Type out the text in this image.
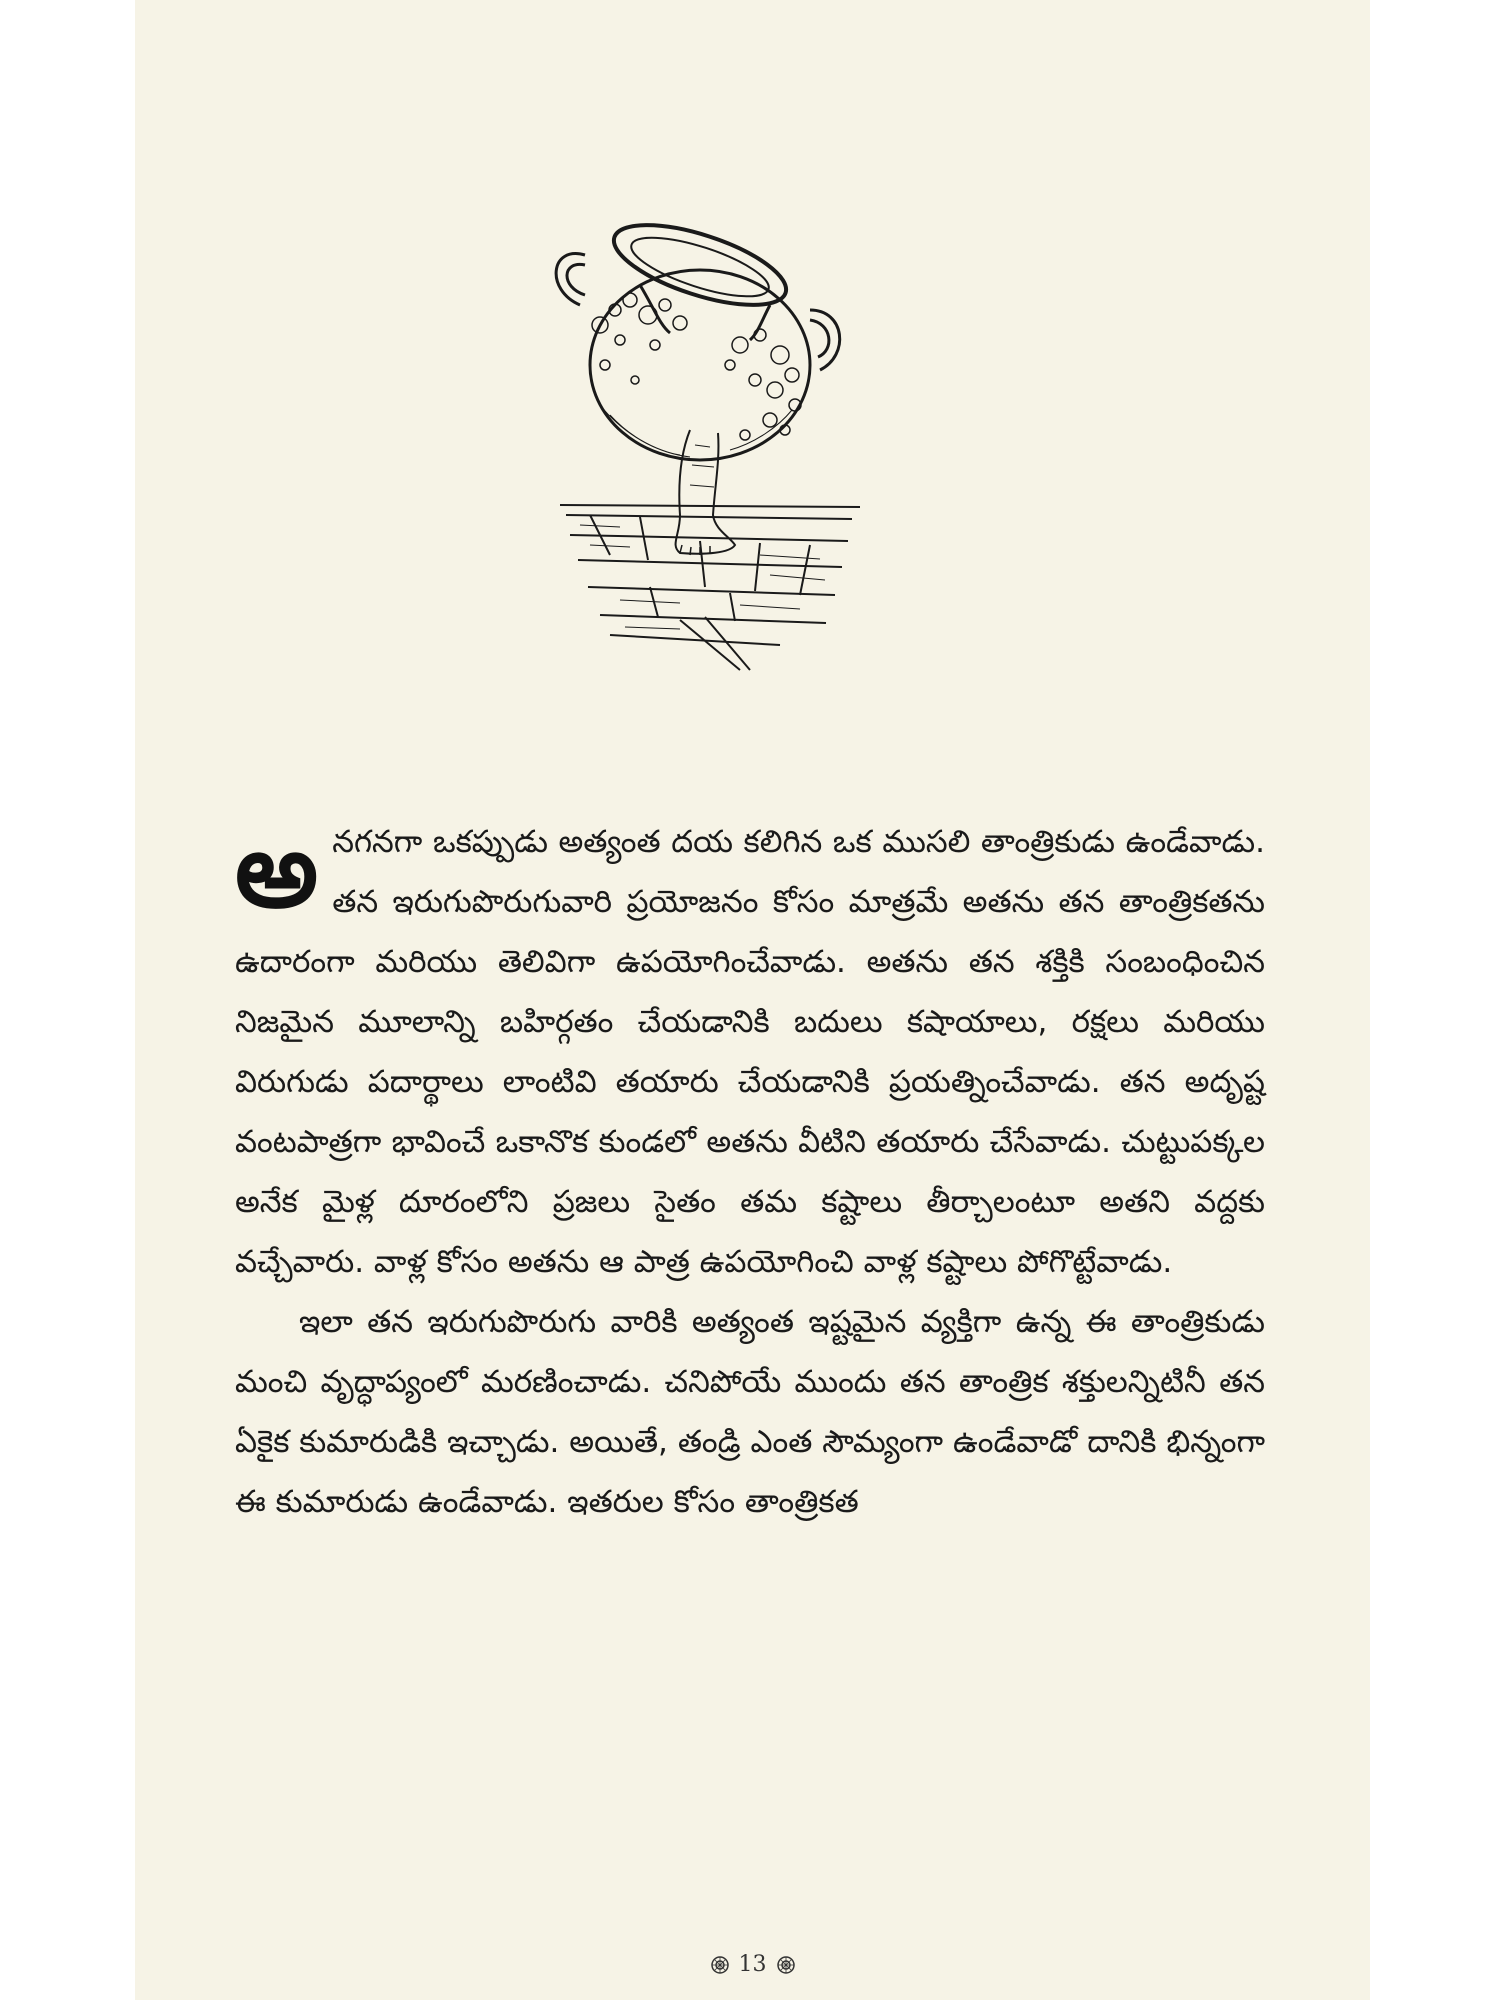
అనగనగా ఒకప్పుడు అత్యంత దయ కలిగిన ఒక ముసలి తాంత్రికుడు ఉండేవాడు. తన ఇరుగుపొరుగువారి ప్రయోజనం కోసం మాత్రమే అతను తన తాంత్రికతను ఉదారంగా మరియు తెలివిగా ఉపయోగించేవాడు. అతను తన శక్తికి సంబంధించిన నిజమైన మూలాన్ని బహిర్గతం చేయడానికి బదులు కషాయాలు, రక్షలు మరియు విరుగుడు పదార్థాలు లాంటివి తయారు చేయడానికి ప్రయత్నించేవాడు. తన అదృష్ట వంటపాత్రగా భావించే ఒకానొక కుండలో అతను వీటిని తయారు చేసేవాడు. చుట్టుపక్కల అనేక మైళ్ల దూరంలోని ప్రజలు సైతం తమ కష్టాలు తీర్చాలంటూ అతని వద్దకు వచ్చేవారు. వాళ్ల కోసం అతను ఆ పాత్ర ఉపయోగించి వాళ్ల కష్టాలు పోగొట్టేవాడు.

ఇలా తన ఇరుగుపొరుగు వారికి అత్యంత ఇష్టమైన వ్యక్తిగా ఉన్న ఈ తాంత్రికుడు మంచి వృద్ధాప్యంలో మరణించాడు. చనిపోయే ముందు తన తాంత్రిక శక్తులన్నిటినీ తన ఏకైక కుమారుడికి ఇచ్చాడు. అయితే, తండ్రి ఎంత సౌమ్యంగా ఉండేవాడో దానికి భిన్నంగా ఈ కుమారుడు ఉండేవాడు. ఇతరుల కోసం తాంత్రికత

13
